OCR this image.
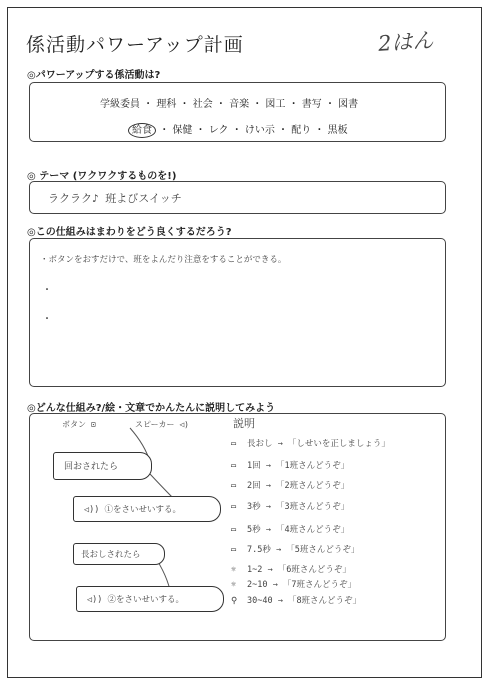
係活動パワーアップ計画	2はん
◎パワーアップする係活動は?
学級委員 ・ 理科 ・ 社会 ・ 音楽 ・ 図工 ・ 書写 ・ 図書
給食 ・ 保健 ・ レク ・ けい示 ・ 配り ・ 黒板
◎ テーマ (ワクワクするものを!)
ラクラク♪ 班よびスイッチ
◎この仕組みはまわりをどう良くするだろう?
・ボタンをおすだけで、班をよんだり注意をすることができる。
・
・
◎どんな仕組み?/絵・文章でかんたんに説明してみよう
ボタン ⊡	スピーカー ◁)
回おされたら
◁)) ①をさいせいする。
長おしされたら
◁)) ②をさいせいする。
説明
▭ 長おし → 「しせいを正しましょう」
▭ 1回 → 「1班さんどうぞ」
▭ 2回 → 「2班さんどうぞ」
▭ 3秒 → 「3班さんどうぞ」
▭ 5秒 → 「4班さんどうぞ」
▭ 7.5秒 → 「5班さんどうぞ」
☼ 1~2 → 「6班さんどうぞ」
☼ 2~10 → 「7班さんどうぞ」
⚲ 30~40 → 「8班さんどうぞ」
